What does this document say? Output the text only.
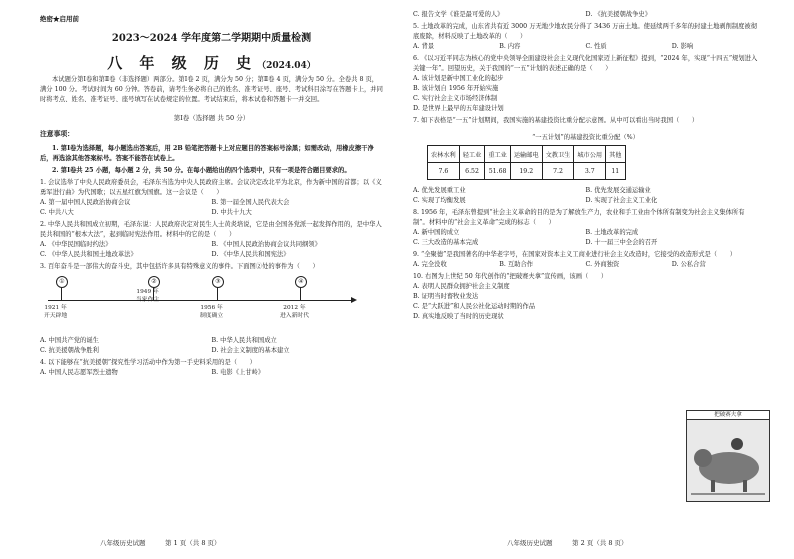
绝密★启用前
2023～2024 学年度第二学期期中质量检测
八 年 级 历 史（2024.04）
本试题分第Ⅰ卷和第Ⅱ卷（非选择题）两部分。第Ⅰ卷 2 页，满分为 50 分；第Ⅱ卷 4 页，满分为 50 分。全卷共 8 页，满分 100 分。考试时间为 60 分钟。答卷前，请考生务必将自己的姓名、准考证号、座号、考试科目涂写在答题卡上，并同时将考点、姓名、准考证号、座号填写在试卷规定的位置。考试结束后，将本试卷和答题卡一并交回。
第Ⅰ卷（选择题 共 50 分）
注意事项：
1. 第Ⅰ卷为选择题，每小题选出答案后，用 2B 铅笔把答题卡上对应题目的答案标号涂黑；如需改动，用橡皮擦干净后，再选涂其他答案标号。答案不能答在试卷上。
2. 第Ⅰ卷共 25 小题，每小题 2 分，共 50 分。在每小题给出的四个选项中，只有一项是符合题目要求的。
1. 会议选举了中央人民政府委员会，毛泽东当选为中央人民政府主席。会议决定改北平为北京，作为新中国的首都；以《义勇军进行曲》为代国歌；以五星红旗为国旗。这一会议是（　　）
A. 第一届中国人民政治协商会议	B. 第一届全国人民代表大会
C. 中共八大	D. 中共十九大
2. 中华人民共和国成立初期，毛泽东说：人民政府决定对民生人士黄炎培说，它是由全国各党派一起发挥作用的，是中华人民共和国的“根本大法”，起到临时宪法作用。材料中的它的是（　　）
A. 《中华民国临时约法》	B. 《中国人民政治协商会议共同纲领》
C. 《中华人民共和国土地改革法》	D. 《中华人民共和国宪法》
3. 百年奋斗是一部伟大的奋斗史，其中包括许多具有特殊意义的事件。下面图②处的事件为（　　）
①
1921 年
开天辟地
②
1949 年
当家作主
③
1956 年
制度确立
④
2012 年
进入新时代
A. 中国共产党的诞生	B. 中华人民共和国成立
C. 抗美援朝战争胜利	D. 社会主义制度的基本建立
4. 以下能够在“抗美援朝”探究性学习活动中作为第一手史料采用的是（　　）
A. 中国人民志愿军烈士遗物	B. 电影《上甘岭》
八年级历史试题　　　第 1 页（共 8 页）
C. 报告文学《谁是最可爱的人》	D. 《抗美援朝战争史》
5. 土地改革的完成，山东省共有近 3000 万无地少地农民分得了 3436 万亩土地。使延续两千多年的封建土地剥削制度被彻底废除，材料反映了土地改革的（　　）
A. 背景	B. 内容	C. 性质	D. 影响
6. 《以习近平同志为核心的党中央领导全面建设社会主义现代化国家迈上新征程》提到，“2024 年，实现“十四五”规划进入关键一年”。回望历史，关于我国的“一五”计划的表述正确的是（　　）
A. 该计划是新中国工业化的起步
B. 该计划自 1956 年开始实施
C. 实行社会主义市场经济体制
D. 是世界上最早的五年建设计划
7. 如下表格是“一五”计划期间，我国实施的基建投资比重分配示意图。从中可以看出当时我国（　　）
“一五计划”的基建投资比重分配（%）
农林水利	轻工业	重工业	运输邮电	文教卫生	城市公用	其他
7.6	6.52	51.68	19.2	7.2	3.7	11
A. 优先发展重工业	B. 优先发展交通运输业
C. 实现了均衡发展	D. 实现了社会主义工业化
8. 1956 年，毛泽东曾提到“社会主义革命的目的是为了解放生产力，农业和手工业由个体所有制变为社会主义集体所有制”。材料中的“社会主义革命”完成的标志（　　）
A. 新中国的成立	B. 土地改革的完成
C. 三大改造的基本完成	D. 十一届三中全会的召开
9. “全聚德”是我国著名的中华老字号，在国家对资本主义工商业进行社会主义改造时，它接受的改造形式是（　　）
A. 完全没收	B. 互助合作	C. 外商独资	D. 公私合营
10. 右图为上世纪 50 年代创作的“把破赛夫拿”宣传画，该画（　　）
A. 表明人民群众拥护社会主义制度
B. 证明当时畜牧业发达
C. 是“大跃进”和人民公社化运动时期的作品
D. 真实地反映了当时的历史现状
把破赛夫拿
八年级历史试题　　　第 2 页（共 8 页）
